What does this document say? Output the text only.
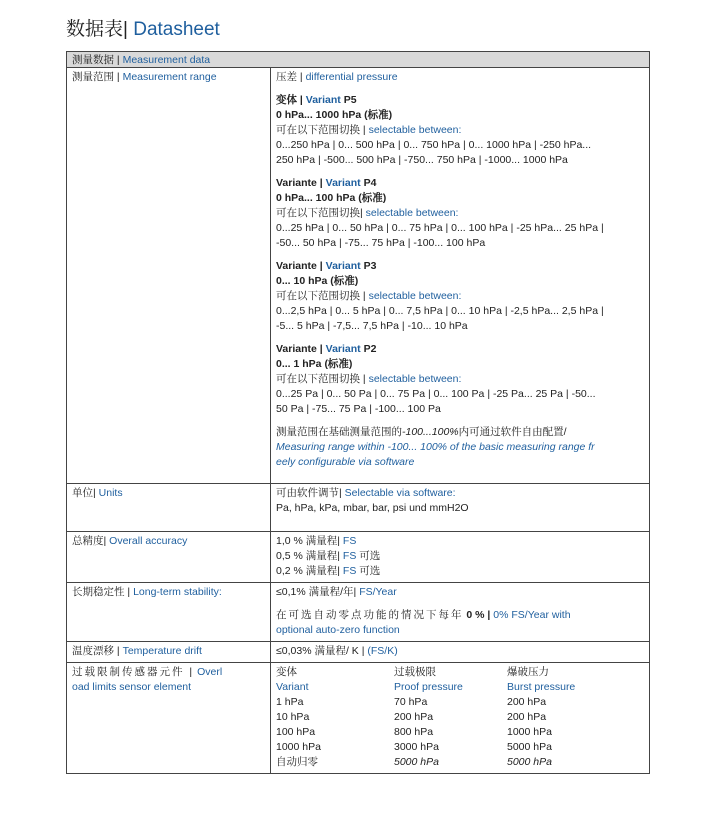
数据表| Datasheet
测量数据 | Measurement data
测量范围 | Measurement range	压差 | differential pressure
变体 | Variant P5
0 hPa... 1000 hPa (标准)
可在以下范围切换 | selectable between:
0...250 hPa | 0... 500 hPa | 0... 750 hPa | 0... 1000 hPa | -250 hPa...
250 hPa | -500... 500 hPa | -750... 750 hPa | -1000... 1000 hPa
Variante | Variant P4
0 hPa... 100 hPa (标准)
可在以下范围切换| selectable between:
0...25 hPa | 0... 50 hPa | 0... 75 hPa | 0... 100 hPa | -25 hPa... 25 hPa |
-50... 50 hPa | -75... 75 hPa | -100... 100 hPa
Variante | Variant P3
0... 10 hPa (标准)
可在以下范围切换 | selectable between:
0...2,5 hPa | 0... 5 hPa | 0... 7,5 hPa | 0... 10 hPa | -2,5 hPa... 2,5 hPa |
-5... 5 hPa | -7,5... 7,5 hPa | -10... 10 hPa
Variante | Variant P2
0... 1 hPa (标准)
可在以下范围切换 | selectable between:
0...25 Pa | 0... 50 Pa | 0... 75 Pa | 0... 100 Pa | -25 Pa... 25 Pa | -50...
50 Pa | -75... 75 Pa | -100... 100 Pa
测量范围在基础测量范围的-100...100%内可通过软件自由配置/
Measuring range within -100... 100% of the basic measuring range fr
eely configurable via software

单位| Units	可由软件调节| Selectable via software:
Pa, hPa, kPa, mbar, bar, psi und mmH2O

总精度| Overall accuracy	1,0 % 满量程| FS
0,5 % 满量程| FS 可选
0,2 % 满量程| FS 可选

长期稳定性 | Long-term stability:	≤0,1% 满量程/年| FS/Year
在可选自动零点功能的情况下每年 0 % | 0% FS/Year with
optional auto-zero function

温度漂移 | Temperature drift	≤0,03% 满量程/ K | (FS/K)

过载限制传感器元件 | Overl
oad limits sensor element

变体	过载极限	爆破压力
Variant	Proof pressure	Burst pressure
1 hPa	70 hPa	200 hPa
10 hPa	200 hPa	200 hPa
100 hPa	800 hPa	1000 hPa
1000 hPa	3000 hPa	5000 hPa
自动归零	5000 hPa	5000 hPa
